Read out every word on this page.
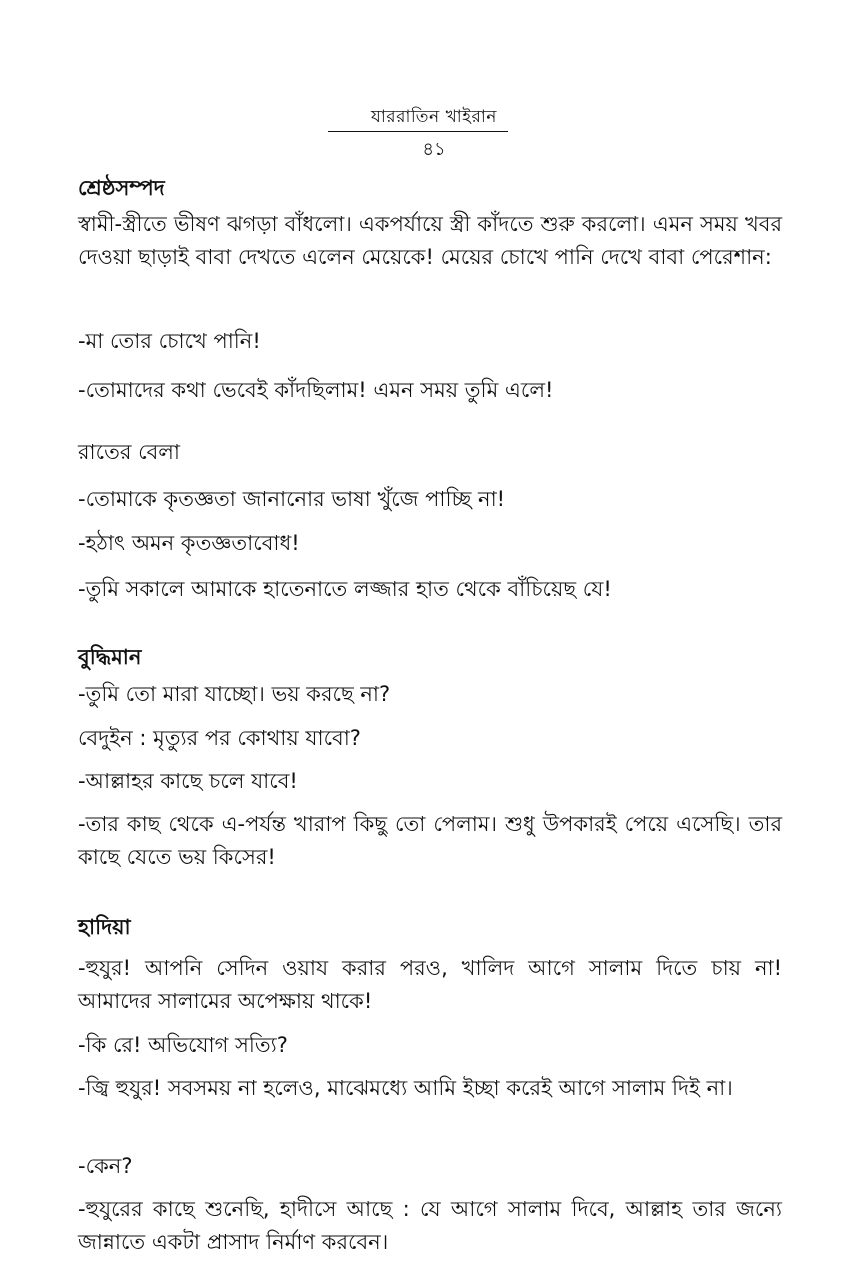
যাররাতিন খাইরান
৪১
শ্রেষ্ঠসম্পদ
স্বামী-স্ত্রীতে ভীষণ ঝগড়া বাঁধলো। একপর্যায়ে স্ত্রী কাঁদতে শুরু করলো। এমন সময় খবর দেওয়া ছাড়াই বাবা দেখতে এলেন মেয়েকে! মেয়ের চোখে পানি দেখে বাবা পেরেশান:
-মা তোর চোখে পানি!
-তোমাদের কথা ভেবেই কাঁদছিলাম! এমন সময় তুমি এলে!
রাতের বেলা
-তোমাকে কৃতজ্ঞতা জানানোর ভাষা খুঁজে পাচ্ছি না!
-হঠাৎ অমন কৃতজ্ঞতাবোধ!
-তুমি সকালে আমাকে হাতেনাতে লজ্জার হাত থেকে বাঁচিয়েছ যে!
বুদ্ধিমান
-তুমি তো মারা যাচ্ছো। ভয় করছে না?
বেদুইন : মৃত্যুর পর কোথায় যাবো?
-আল্লাহর কাছে চলে যাবে!
-তার কাছ থেকে এ-পর্যন্ত খারাপ কিছু তো পেলাম। শুধু উপকারই পেয়ে এসেছি। তার কাছে যেতে ভয় কিসের!
হাদিয়া
-হুযুর! আপনি সেদিন ওয়ায করার পরও, খালিদ আগে সালাম দিতে চায় না! আমাদের সালামের অপেক্ষায় থাকে!
-কি রে! অভিযোগ সত্যি?
-জ্বি হুযুর! সবসময় না হলেও, মাঝেমধ্যে আমি ইচ্ছা করেই আগে সালাম দিই না।
-কেন?
-হুযুরের কাছে শুনেছি, হাদীসে আছে : যে আগে সালাম দিবে, আল্লাহ তার জন্যে জান্নাতে একটা প্রাসাদ নির্মাণ করবেন।
